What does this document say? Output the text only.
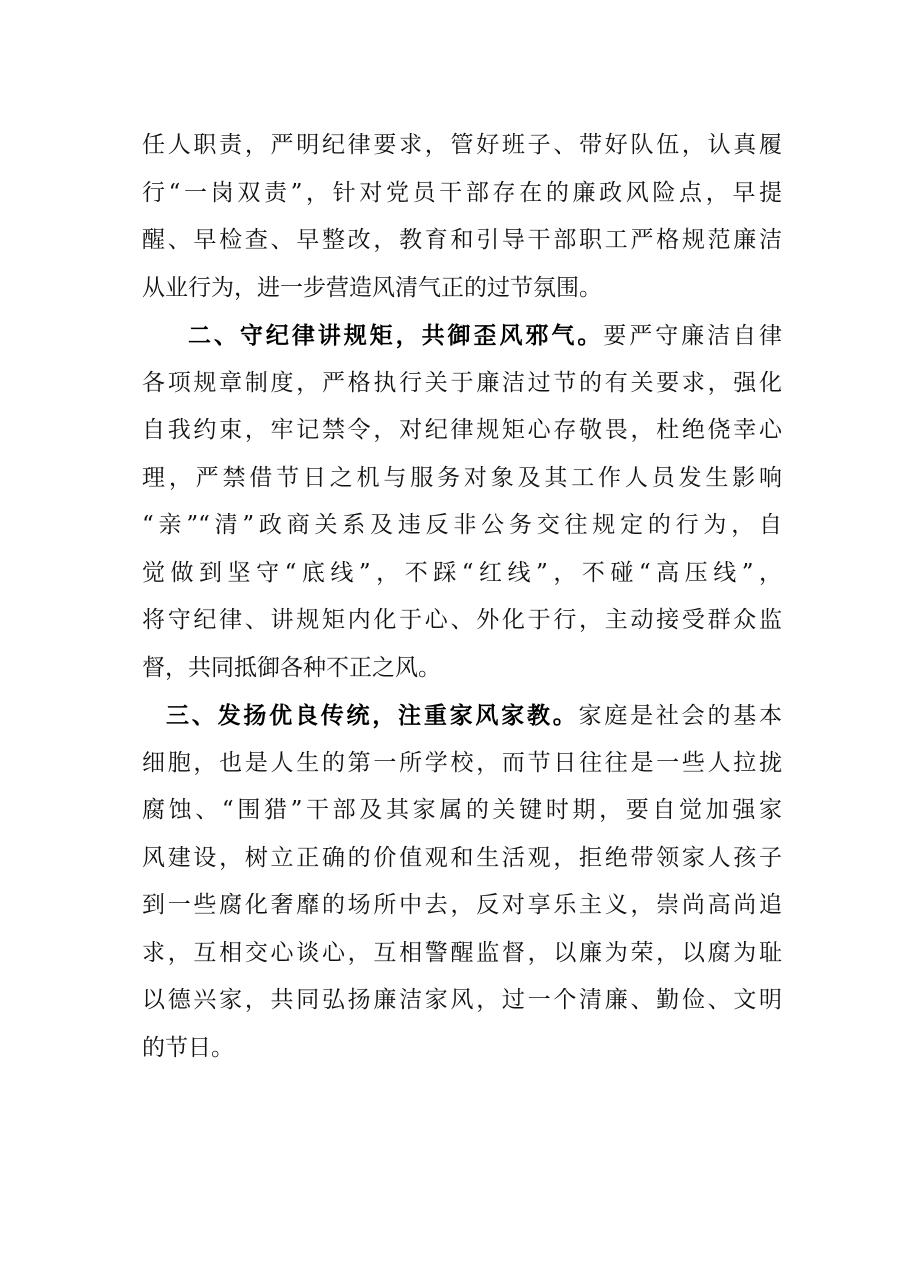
任人职责，严明纪律要求，管好班子、带好队伍，认真履
行“一岗双责”，针对党员干部存在的廉政风险点，早提
醒、早检查、早整改，教育和引导干部职工严格规范廉洁
从业行为，进一步营造风清气正的过节氛围。
二、守纪律讲规矩，共御歪风邪气。要严守廉洁自律
各项规章制度，严格执行关于廉洁过节的有关要求，强化
自我约束，牢记禁令，对纪律规矩心存敬畏，杜绝侥幸心
理，严禁借节日之机与服务对象及其工作人员发生影响
“亲”“清”政商关系及违反非公务交往规定的行为，自
觉做到坚守“底线”，不踩“红线”，不碰“高压线”，
将守纪律、讲规矩内化于心、外化于行，主动接受群众监
督，共同抵御各种不正之风。
三、发扬优良传统，注重家风家教。家庭是社会的基本
细胞，也是人生的第一所学校，而节日往往是一些人拉拢
腐蚀、“围猎”干部及其家属的关键时期，要自觉加强家
风建设，树立正确的价值观和生活观，拒绝带领家人孩子
到一些腐化奢靡的场所中去，反对享乐主义，崇尚高尚追
求，互相交心谈心，互相警醒监督，以廉为荣，以腐为耻
以德兴家，共同弘扬廉洁家风，过一个清廉、勤俭、文明
的节日。
